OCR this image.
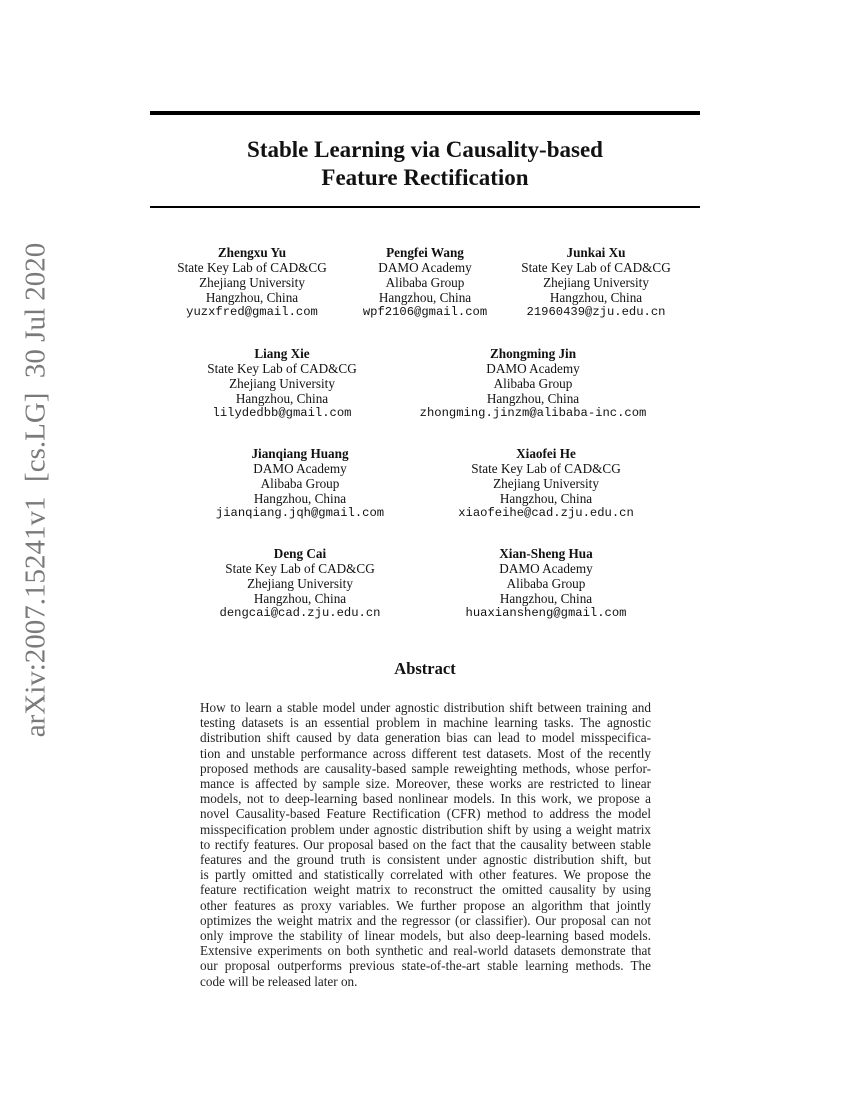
arXiv:2007.15241v1  [cs.LG]  30 Jul 2020
Stable Learning via Causality-based
Feature Rectification
Zhengxu Yu
State Key Lab of CAD&CG
Zhejiang University
Hangzhou, China
yuzxfred@gmail.com
Pengfei Wang
DAMO Academy
Alibaba Group
Hangzhou, China
wpf2106@gmail.com
Junkai Xu
State Key Lab of CAD&CG
Zhejiang University
Hangzhou, China
21960439@zju.edu.cn
Liang Xie
State Key Lab of CAD&CG
Zhejiang University
Hangzhou, China
lilydedbb@gmail.com
Zhongming Jin
DAMO Academy
Alibaba Group
Hangzhou, China
zhongming.jinzm@alibaba-inc.com
Jianqiang Huang
DAMO Academy
Alibaba Group
Hangzhou, China
jianqiang.jqh@gmail.com
Xiaofei He
State Key Lab of CAD&CG
Zhejiang University
Hangzhou, China
xiaofeihe@cad.zju.edu.cn
Deng Cai
State Key Lab of CAD&CG
Zhejiang University
Hangzhou, China
dengcai@cad.zju.edu.cn
Xian-Sheng Hua
DAMO Academy
Alibaba Group
Hangzhou, China
huaxiansheng@gmail.com
Abstract
How to learn a stable model under agnostic distribution shift between training and
testing datasets is an essential problem in machine learning tasks. The agnostic
distribution shift caused by data generation bias can lead to model misspecifica-
tion and unstable performance across different test datasets. Most of the recently
proposed methods are causality-based sample reweighting methods, whose perfor-
mance is affected by sample size. Moreover, these works are restricted to linear
models, not to deep-learning based nonlinear models. In this work, we propose a
novel Causality-based Feature Rectification (CFR) method to address the model
misspecification problem under agnostic distribution shift by using a weight matrix
to rectify features. Our proposal based on the fact that the causality between stable
features and the ground truth is consistent under agnostic distribution shift, but
is partly omitted and statistically correlated with other features. We propose the
feature rectification weight matrix to reconstruct the omitted causality by using
other features as proxy variables. We further propose an algorithm that jointly
optimizes the weight matrix and the regressor (or classifier). Our proposal can not
only improve the stability of linear models, but also deep-learning based models.
Extensive experiments on both synthetic and real-world datasets demonstrate that
our proposal outperforms previous state-of-the-art stable learning methods. The
code will be released later on.
